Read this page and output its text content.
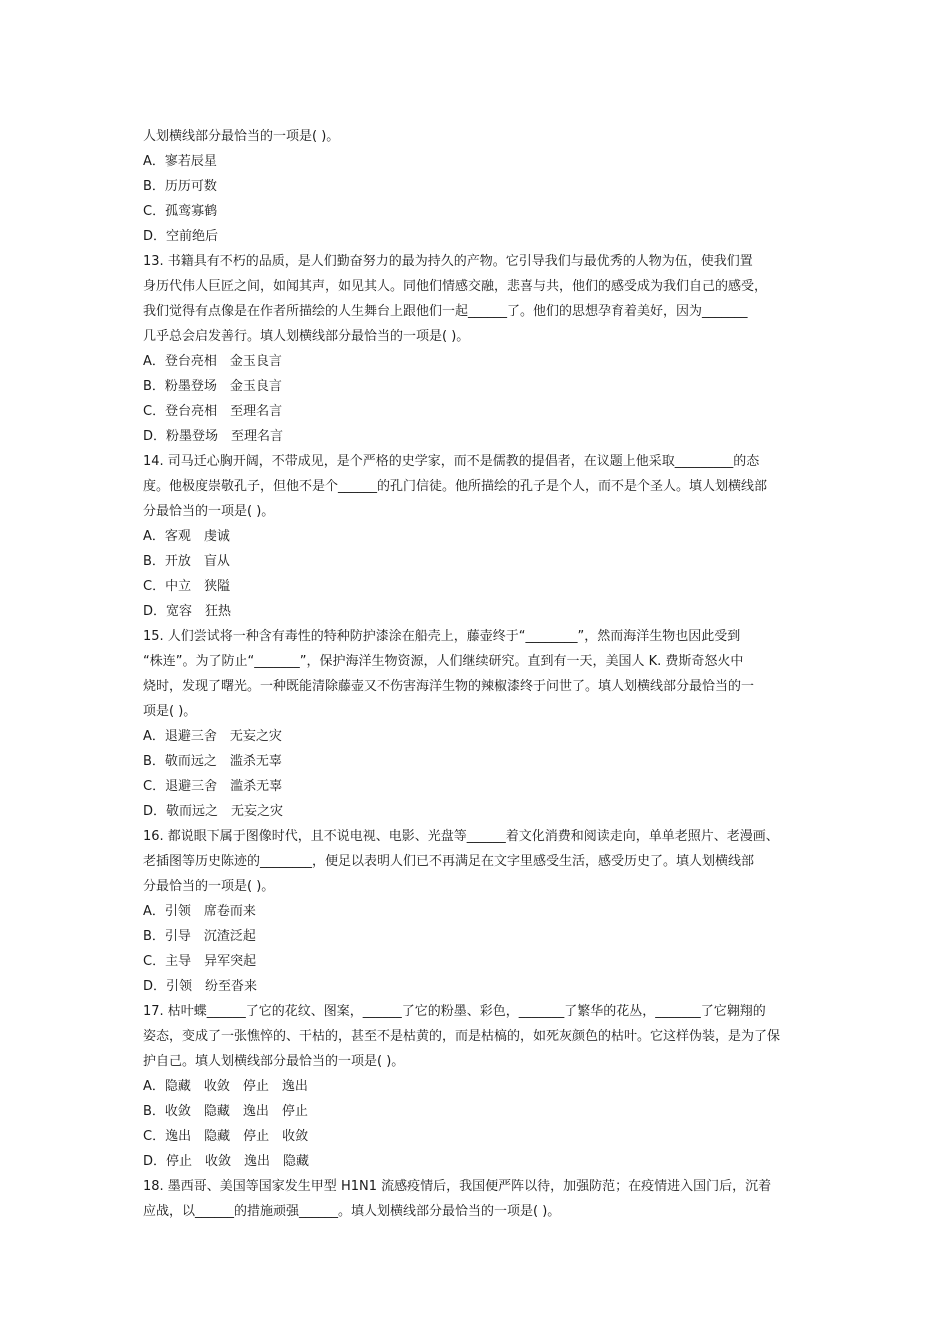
人划横线部分最恰当的一项是( )。
A．寥若辰星
B．历历可数
C．孤鸾寡鹤
D．空前绝后
13. 书籍具有不朽的品质，是人们勤奋努力的最为持久的产物。它引导我们与最优秀的人物为伍，使我们置
身历代伟人巨匠之间，如闻其声，如见其人。同他们情感交融，悲喜与共，他们的感受成为我们自己的感受，
我们觉得有点像是在作者所描绘的人生舞台上跟他们一起______了。他们的思想孕育着美好，因为_______
几乎总会启发善行。填人划横线部分最恰当的一项是( )。
A．登台亮相　金玉良言
B．粉墨登场　金玉良言
C．登台亮相　至理名言
D．粉墨登场　至理名言
14. 司马迁心胸开阔，不带成见，是个严格的史学家，而不是儒教的提倡者，在议题上他采取_________的态
度。他极度崇敬孔子，但他不是个______的孔门信徒。他所描绘的孔子是个人，而不是个圣人。填人划横线部
分最恰当的一项是( )。
A．客观　虔诚
B．开放　盲从
C．中立　狭隘
D．宽容　狂热
15. 人们尝试将一种含有毒性的特种防护漆涂在船壳上，藤壶终于“________”，然而海洋生物也因此受到
“株连”。为了防止“_______”，保护海洋生物资源，人们继续研究。直到有一天，美国人 K. 费斯奇怒火中
烧时，发现了曙光。一种既能清除藤壶又不伤害海洋生物的辣椒漆终于问世了。填人划横线部分最恰当的一
项是( )。
A．退避三舍　无妄之灾
B．敬而远之　滥杀无辜
C．退避三舍　滥杀无辜
D．敬而远之　无妄之灾
16. 都说眼下属于图像时代，且不说电视、电影、光盘等______着文化消费和阅读走向，单单老照片、老漫画、
老插图等历史陈迹的________，便足以表明人们已不再满足在文字里感受生活，感受历史了。填人划横线部
分最恰当的一项是( )。
A．引领　席卷而来
B．引导　沉渣泛起
C．主导　异军突起
D．引领　纷至沓来
17. 枯叶蝶______了它的花纹、图案，______了它的粉墨、彩色，_______了繁华的花丛，_______了它翱翔的
姿态，变成了一张憔悴的、干枯的，甚至不是枯黄的，而是枯槁的，如死灰颜色的枯叶。它这样伪装，是为了保
护自己。填人划横线部分最恰当的一项是( )。
A．隐藏　收敛　停止　逸出
B．收敛　隐藏　逸出　停止
C．逸出　隐藏　停止　收敛
D．停止　收敛　逸出　隐藏
18. 墨西哥、美国等国家发生甲型 H1N1 流感疫情后，我国便严阵以待，加强防范；在疫情进入国门后，沉着
应战，以______的措施顽强______。填人划横线部分最恰当的一项是( )。
